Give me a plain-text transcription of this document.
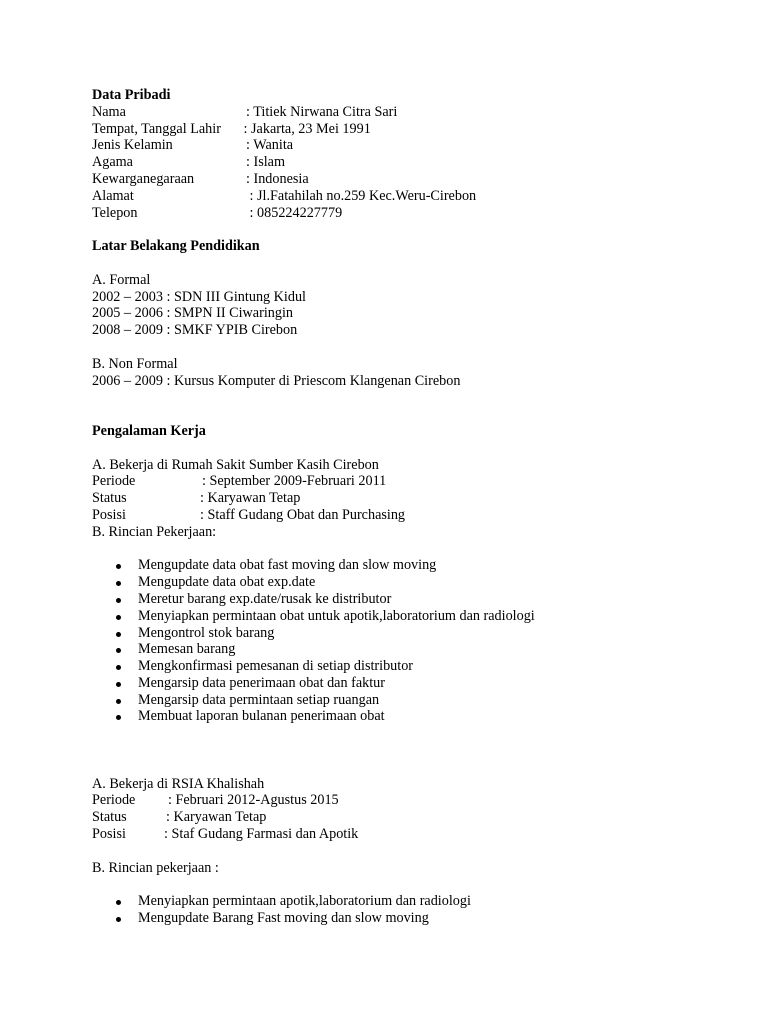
Data Pribadi
Nama	: Titiek Nirwana Citra Sari
Tempat, Tanggal Lahir	: Jakarta, 23 Mei 1991
Jenis Kelamin	: Wanita
Agama	: Islam
Kewarganegaraan	: Indonesia
Alamat	: Jl.Fatahilah no.259 Kec.Weru-Cirebon
Telepon	: 085224227779
Latar Belakang Pendidikan
A. Formal
2002 – 2003 : SDN III Gintung Kidul
2005 – 2006 : SMPN II Ciwaringin
2008 – 2009 : SMKF YPIB Cirebon
B. Non Formal
2006 – 2009 : Kursus Komputer di Priescom Klangenan Cirebon
Pengalaman Kerja
A. Bekerja di Rumah Sakit Sumber Kasih Cirebon
Periode	: September 2009-Februari 2011
Status	: Karyawan Tetap
Posisi	: Staff Gudang Obat dan Purchasing
B. Rincian Pekerjaan:
Mengupdate data obat fast moving dan slow moving
Mengupdate data obat exp.date
Meretur barang exp.date/rusak ke distributor
Menyiapkan permintaan obat untuk apotik,laboratorium dan radiologi
Mengontrol stok barang
Memesan barang
Mengkonfirmasi pemesanan di setiap distributor
Mengarsip data penerimaan obat dan faktur
Mengarsip data permintaan setiap ruangan
Membuat laporan bulanan penerimaan obat
A. Bekerja di RSIA Khalishah
Periode	: Februari 2012-Agustus 2015
Status	: Karyawan Tetap
Posisi	: Staf Gudang Farmasi dan Apotik
B. Rincian pekerjaan :
Menyiapkan permintaan apotik,laboratorium dan radiologi
Mengupdate Barang Fast moving dan slow moving
